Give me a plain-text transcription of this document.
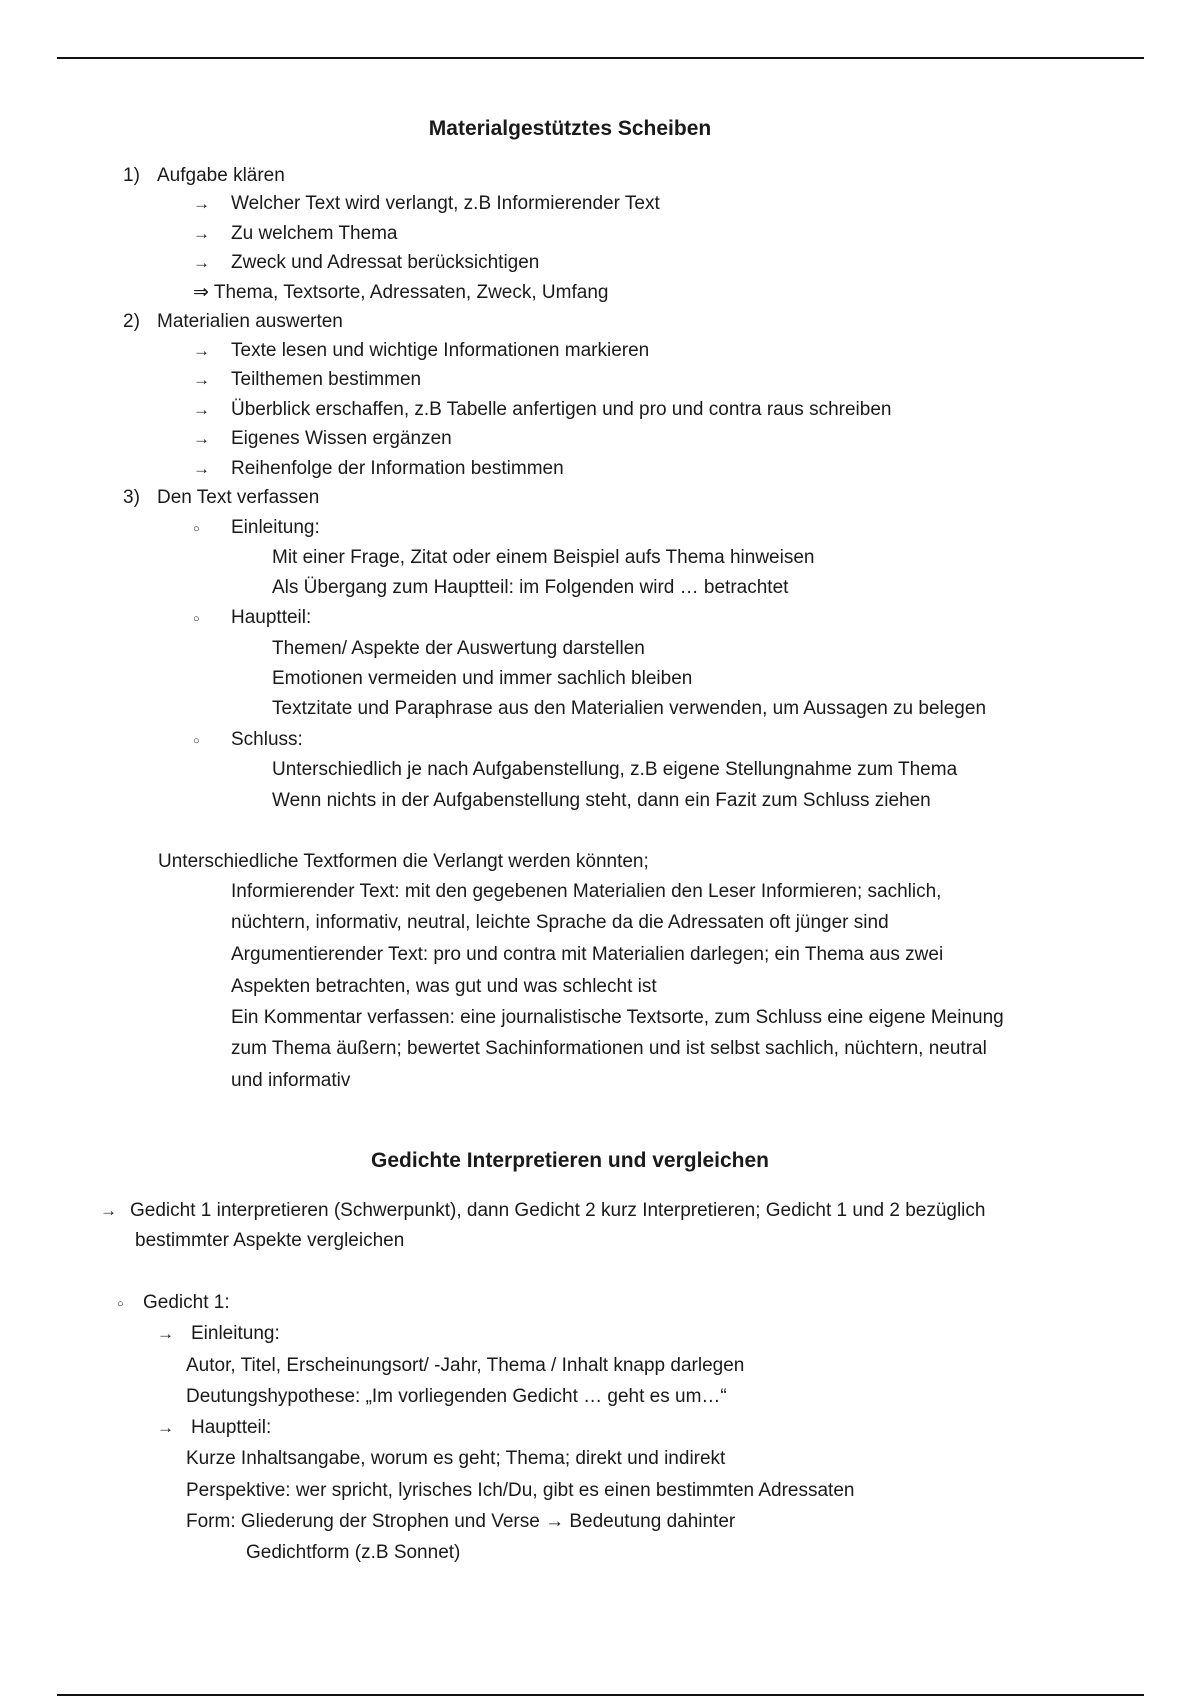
Materialgestütztes Scheiben
1) Aufgabe klären
→ Welcher Text wird verlangt, z.B Informierender Text
→ Zu welchem Thema
→ Zweck und Adressat berücksichtigen
⇒ Thema, Textsorte, Adressaten, Zweck, Umfang
2) Materialien auswerten
→ Texte lesen und wichtige Informationen markieren
→ Teilthemen bestimmen
→ Überblick erschaffen, z.B Tabelle anfertigen und pro und contra raus schreiben
→ Eigenes Wissen ergänzen
→ Reihenfolge der Information bestimmen
3) Den Text verfassen
○ Einleitung:
Mit einer Frage, Zitat oder einem Beispiel aufs Thema hinweisen
Als Übergang zum Hauptteil: im Folgenden wird … betrachtet
○ Hauptteil:
Themen/ Aspekte der Auswertung darstellen
Emotionen vermeiden und immer sachlich bleiben
Textzitate und Paraphrase aus den Materialien verwenden, um Aussagen zu belegen
○ Schluss:
Unterschiedlich je nach Aufgabenstellung, z.B eigene Stellungnahme zum Thema
Wenn nichts in der Aufgabenstellung steht, dann ein Fazit zum Schluss ziehen
Unterschiedliche Textformen die Verlangt werden könnten;
Informierender Text: mit den gegebenen Materialien den Leser Informieren; sachlich,
nüchtern, informativ, neutral, leichte Sprache da die Adressaten oft jünger sind
Argumentierender Text: pro und contra mit Materialien darlegen; ein Thema aus zwei
Aspekten betrachten, was gut und was schlecht ist
Ein Kommentar verfassen: eine journalistische Textsorte, zum Schluss eine eigene Meinung
zum Thema äußern; bewertet Sachinformationen und ist selbst sachlich, nüchtern, neutral
und informativ
Gedichte Interpretieren und vergleichen
→ Gedicht 1 interpretieren (Schwerpunkt), dann Gedicht 2 kurz Interpretieren; Gedicht 1 und 2 bezüglich
bestimmter Aspekte vergleichen
○ Gedicht 1:
→ Einleitung:
Autor, Titel, Erscheinungsort/ -Jahr, Thema / Inhalt knapp darlegen
Deutungshypothese: „Im vorliegenden Gedicht … geht es um…“
→ Hauptteil:
Kurze Inhaltsangabe, worum es geht; Thema; direkt und indirekt
Perspektive: wer spricht, lyrisches Ich/Du, gibt es einen bestimmten Adressaten
Form: Gliederung der Strophen und Verse → Bedeutung dahinter
Gedichtform (z.B Sonnet)
